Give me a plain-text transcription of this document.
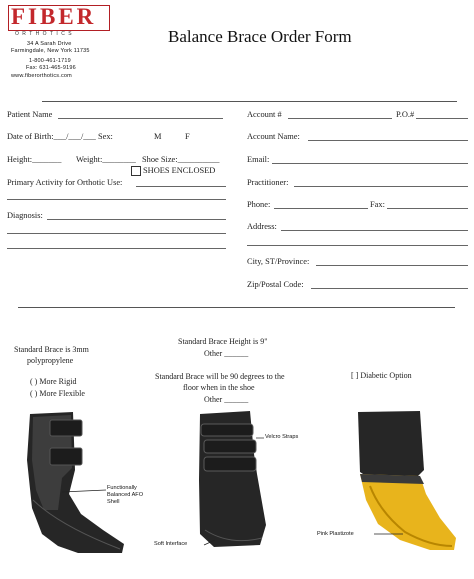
FIBER
ORTHOTICS
34 A Sarah Drive
Farmingdale, New York 11735
1-800-461-1719
Fax: 631-465-9196
www.fiberorthotics.com
Balance Brace Order Form
Patient Name
Date of Birth:___/___/___ Sex:	M	F
Height:_______ Weight:________ Shoe Size:__________
SHOES ENCLOSED
Primary Activity for Orthotic Use:
Diagnosis:
Account #	P.O.#
Account Name:
Email:
Practitioner:
Phone:	Fax:
Address:
City, ST/Province:
Zip/Postal Code:
Standard Brace is 3mm
polypropylene
( ) More Rigid
( ) More Flexible
Standard Brace Height is 9"
Other ______
Standard Brace will be 90 degrees to the
floor when in the shoe
Other ______
[ ] Diabetic Option
Functionally
Balanced AFO
Shell
Velcro Straps
Soft Interface
Pink Plastizote
